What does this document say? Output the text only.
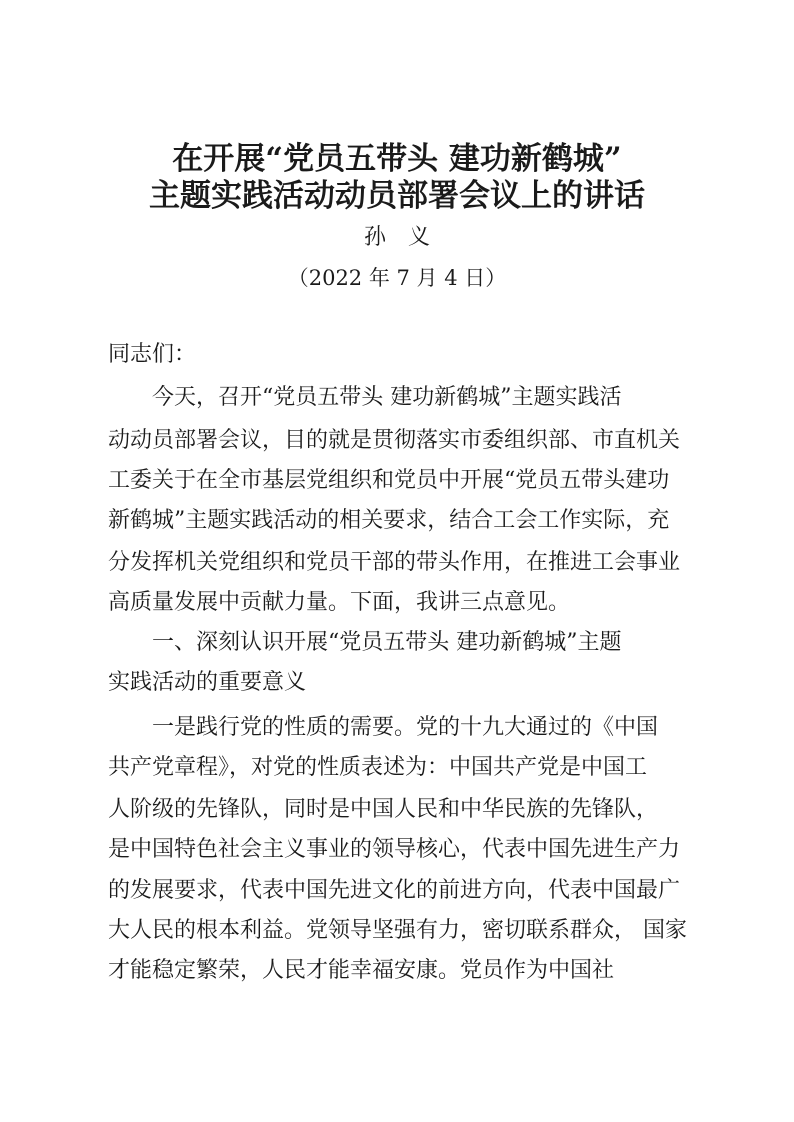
在开展“党员五带头 建功新鹤城”
主题实践活动动员部署会议上的讲话
孙义
（2022 年 7 月 4 日）
同志们：
今天，召开“党员五带头 建功新鹤城”主题实践活
动动员部署会议，目的就是贯彻落实市委组织部、市直机关
工委关于在全市基层党组织和党员中开展“党员五带头建功
新鹤城”主题实践活动的相关要求，结合工会工作实际，充
分发挥机关党组织和党员干部的带头作用，在推进工会事业
高质量发展中贡献力量。下面，我讲三点意见。
一、深刻认识开展“党员五带头 建功新鹤城”主题
实践活动的重要意义
一是践行党的性质的需要。党的十九大通过的《中国
共产党章程》，对党的性质表述为：中国共产党是中国工
人阶级的先锋队，同时是中国人民和中华民族的先锋队，
是中国特色社会主义事业的领导核心，代表中国先进生产力
的发展要求，代表中国先进文化的前进方向，代表中国最广
大人民的根本利益。党领导坚强有力，密切联系群众， 国家
才能稳定繁荣，人民才能幸福安康。党员作为中国社
